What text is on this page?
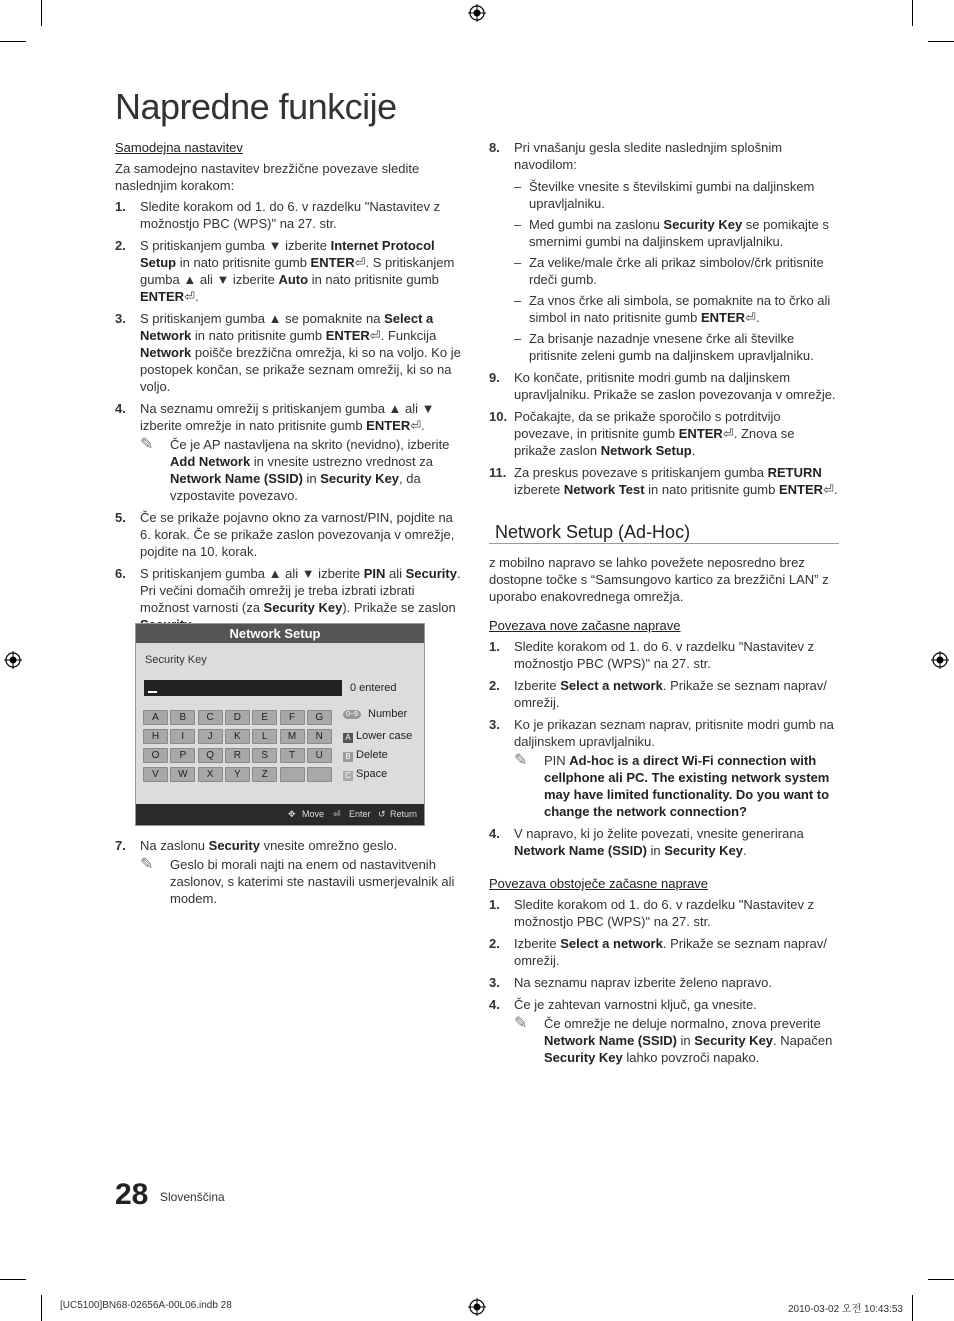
Napredne funkcije
Samodejna nastavitev
Za samodejno nastavitev brezžične povezave sledite naslednjim korakom:
1. Sledite korakom od 1. do 6. v razdelku "Nastavitev z možnostjo PBC (WPS)" na 27. str.
2. S pritiskanjem gumba ▼ izberite Internet Protocol Setup in nato pritisnite gumb ENTER⏎. S pritiskanjem gumba ▲ ali ▼ izberite Auto in nato pritisnite gumb ENTER⏎.
3. S pritiskanjem gumba ▲ se pomaknite na Select a Network in nato pritisnite gumb ENTER⏎. Funkcija Network poišče brezžična omrežja, ki so na voljo. Ko je postopek končan, se prikaže seznam omrežij, ki so na voljo.
4. Na seznamu omrežij s pritiskanjem gumba ▲ ali ▼ izberite omrežje in nato pritisnite gumb ENTER⏎.
✎ Če je AP nastavljena na skrito (nevidno), izberite Add Network in vnesite ustrezno vrednost za Network Name (SSID) in Security Key, da vzpostavite povezavo.
5. Če se prikaže pojavno okno za varnost/PIN, pojdite na 6. korak. Če se prikaže zaslon povezovanja v omrežje, pojdite na 10. korak.
6. S pritiskanjem gumba ▲ ali ▼ izberite PIN ali Security. Pri večini domačih omrežij je treba izbrati izbrati možnost varnosti (za Security Key). Prikaže se zaslon
Network Setup
Security Key
0 entered
A	B	C	D	E	F	G
H	I	J	K	L	M	N
O	P	Q	R	S	T	U
V	W	X	Y	Z
0~9 Number
A Lower case
B Delete
C Space
✥ Move ⏎ Enter ↺ Return
7. Na zaslonu Security vnesite omrežno geslo.
✎ Geslo bi morali najti na enem od nastavitvenih zaslonov, s katerimi ste nastavili usmerjevalnik ali modem.
8. Pri vnašanju gesla sledite naslednjim splošnim navodilom:
– Številke vnesite s številskimi gumbi na daljinskem upravljalniku.
– Med gumbi na zaslonu Security Key se pomikajte s smernimi gumbi na daljinskem upravljalniku.
– Za velike/male črke ali prikaz simbolov/črk pritisnite rdeči gumb.
– Za vnos črke ali simbola, se pomaknite na to črko ali simbol in nato pritisnite gumb ENTER⏎.
– Za brisanje nazadnje vnesene črke ali številke pritisnite zeleni gumb na daljinskem upravljalniku.
9. Ko končate, pritisnite modri gumb na daljinskem upravljalniku. Prikaže se zaslon povezovanja v omrežje.
10. Počakajte, da se prikaže sporočilo s potrditvijo povezave, in pritisnite gumb ENTER⏎. Znova se prikaže zaslon Network Setup.
11. Za preskus povezave s pritiskanjem gumba RETURN izberete Network Test in nato pritisnite gumb ENTER⏎.
Network Setup (Ad-Hoc)
z mobilno napravo se lahko povežete neposredno brez dostopne točke s “Samsungovo kartico za brezžični LAN” z uporabo enakovrednega omrežja.
Povezava nove začasne naprave
1. Sledite korakom od 1. do 6. v razdelku "Nastavitev z možnostjo PBC (WPS)" na 27. str.
2. Izberite Select a network. Prikaže se seznam naprav/ omrežij.
3. Ko je prikazan seznam naprav, pritisnite modri gumb na daljinskem upravljalniku.
✎ PIN Ad-hoc is a direct Wi-Fi connection with cellphone ali PC. The existing network system may have limited functionality. Do you want to change the network connection?
4. V napravo, ki jo želite povezati, vnesite generirana Network Name (SSID) in Security Key.
Povezava obstoječe začasne naprave
1. Sledite korakom od 1. do 6. v razdelku "Nastavitev z možnostjo PBC (WPS)" na 27. str.
2. Izberite Select a network. Prikaže se seznam naprav/ omrežij.
3. Na seznamu naprav izberite želeno napravo.
4. Če je zahtevan varnostni ključ, ga vnesite.
✎ Če omrežje ne deluje normalno, znova preverite Network Name (SSID) in Security Key. Napačen Security Key lahko povzroči napako.
28 Slovenščina
[UC5100]BN68-02656A-00L06.indb 28	2010-03-02 오전 10:43:53
